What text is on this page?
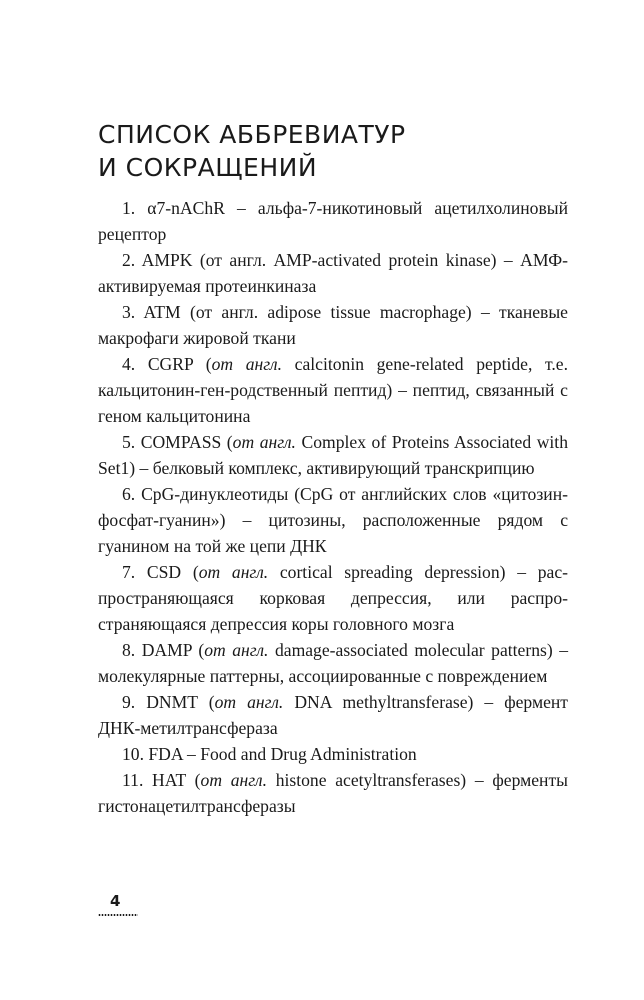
СПИСОК АББРЕВИАТУР
И СОКРАЩЕНИЙ

1. α7-nAChR – альфа-7-никотиновый ацетилхолиновый рецептор

2. AMPK (от англ. AMP-activated protein kinase) – АМФ-активируемая протеинкиназа

3. ATM (от англ. adipose tissue macrophage) – тканевые макрофаги жировой ткани

4. CGRP (от англ. calcitonin gene-related peptide, т.е. кальцитонин-ген-родственный пептид) – пептид, связанный с геном кальцитонина

5. COMPASS (от англ. Complex of Proteins Associated with Set1) – белковый комплекс, активирующий транскрипцию

6. CpG-динуклеотиды (CpG от английских слов «цитозин-фосфат-гуанин») – цитозины, расположенные рядом с гуанином на той же цепи ДНК

7. CSD (от англ. cortical spreading depression) – распространяющаяся корковая депрессия, или распространяющаяся депрессия коры головного мозга

8. DAMP (от англ. damage-associated molecular patterns) – молекулярные паттерны, ассоциированные с повреждением

9. DNMT (от англ. DNA methyltransferase) – фермент ДНК-метилтрансфераза

10. FDA – Food and Drug Administration

11. HAT (от англ. histone acetyltransferases) – ферменты гистонацетилтрансферазы

4
